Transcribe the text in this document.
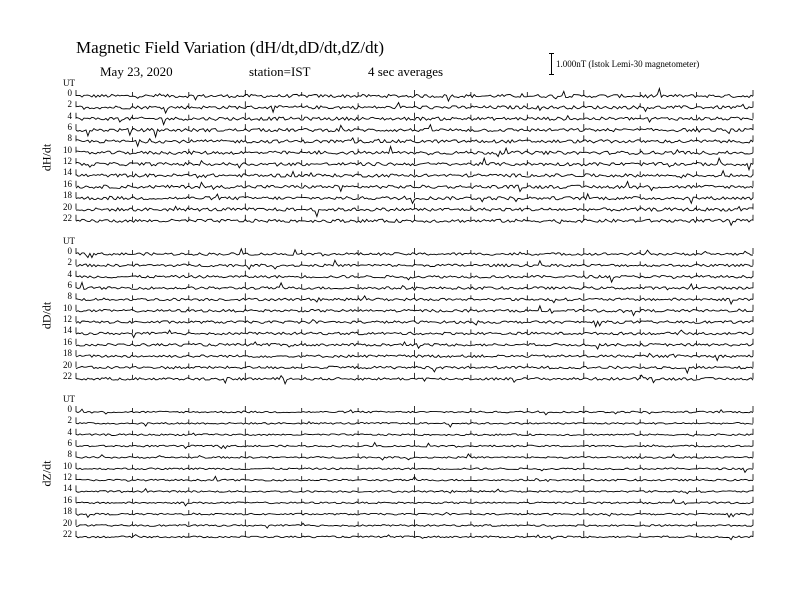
Magnetic Field Variation (dH/dt,dD/dt,dZ/dt)
May 23, 2020	station=IST	4 sec averages	1.000nT (Istok Lemi-30 magnetometer)
UT
dH/dt
0
2
4
6
8
10
12
14
16
18
20
22
UT
dD/dt
0
2
4
6
8
10
12
14
16
18
20
22
UT
dZ/dt
0
2
4
6
8
10
12
14
16
18
20
22
